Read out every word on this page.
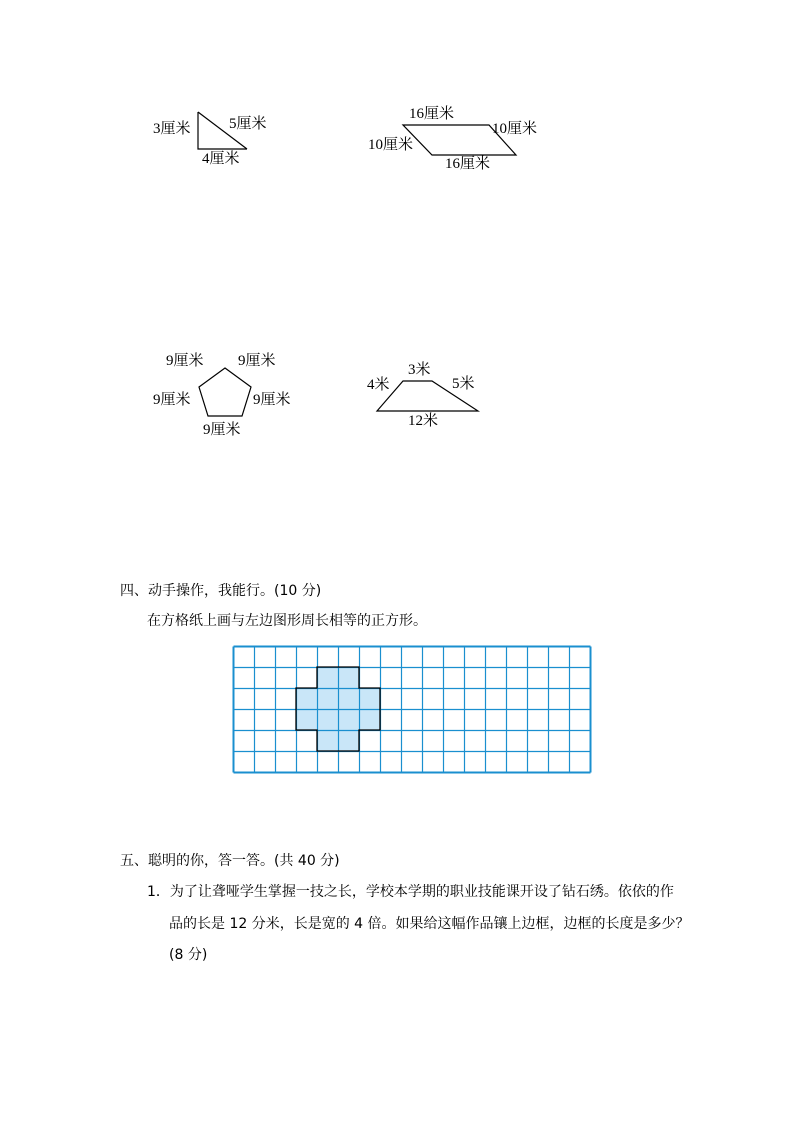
3厘米	5厘米
4厘米
16厘米
10厘米
10厘米
16厘米
9厘米 9厘米
9厘米	9厘米
9厘米
4米
3米
5米
12米
四、动手操作，我能行。(10 分)
在方格纸上画与左边图形周长相等的正方形。
五、聪明的你，答一答。(共 40 分)
1．为了让聋哑学生掌握一技之长，学校本学期的职业技能课开设了钻石绣。依依的作
品的长是 12 分米，长是宽的 4 倍。如果给这幅作品镶上边框，边框的长度是多少？
(8 分)
